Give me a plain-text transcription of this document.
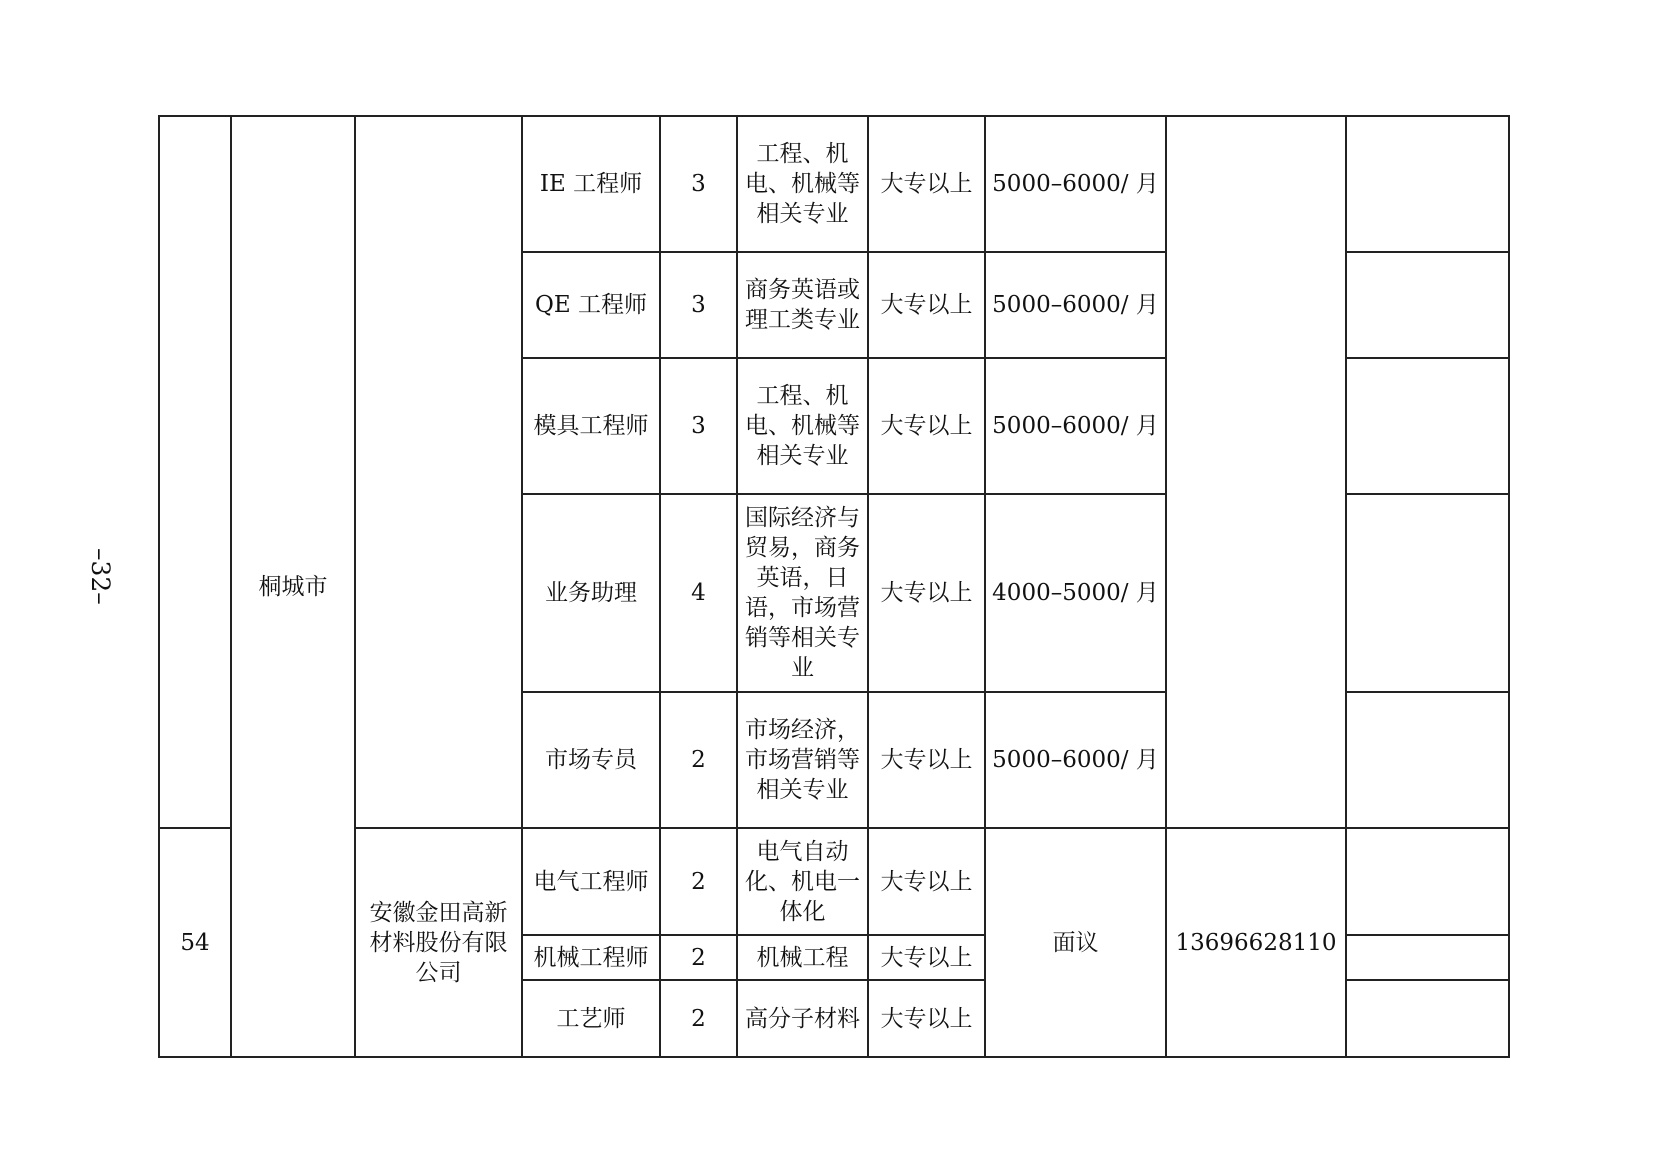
–32–
		桐城市		IE 工程师	3	工程、机电、机械等相关专业	大专以上	5000–6000/ 月		
			QE 工程师	3	商务英语或理工类专业	大专以上	5000–6000/ 月		
			模具工程师	3	工程、机电、机械等相关专业	大专以上	5000–6000/ 月		
			业务助理	4	国际经济与贸易，商务英语，日语，市场营销等相关专业	大专以上	4000–5000/ 月		
			市场专员	2	市场经济，市场营销等相关专业	大专以上	5000–6000/ 月		
54		安徽金田高新材料股份有限公司	电气工程师	2	电气自动化、机电一体化	大专以上	面议	13696628110	
			机械工程师	2	机械工程	大专以上			
			工艺师	2	高分子材料	大专以上			
